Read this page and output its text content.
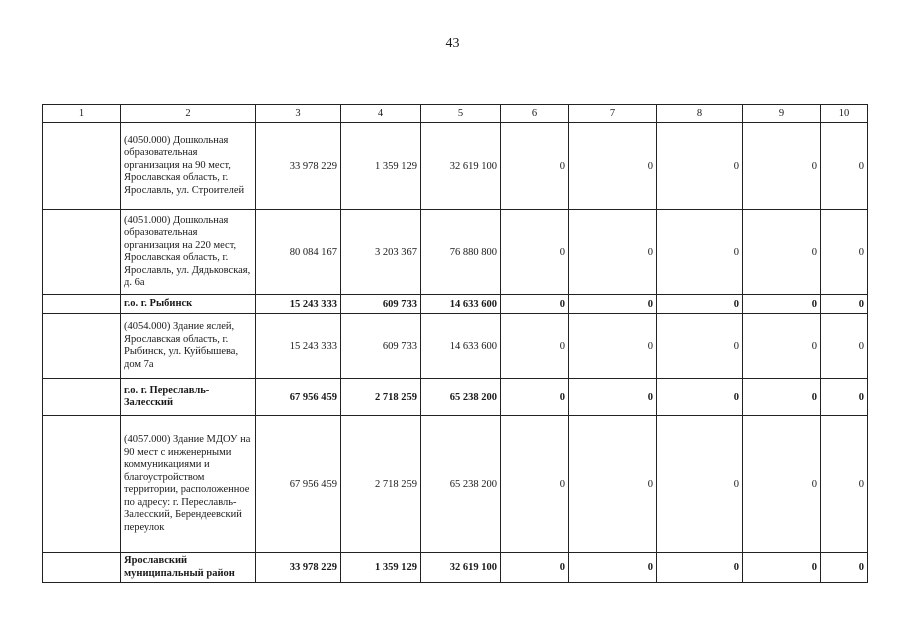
43
1	2	3	4	5	6	7	8	9	10
	(4050.000) Дошкольная образовательная организация на 90 мест, Ярославская область, г. Ярославль, ул. Строителей	33 978 229	1 359 129	32 619 100	0	0	0	0	0
	(4051.000) Дошкольная образовательная организация на 220 мест, Ярославская область, г. Ярославль, ул. Дядьковская, д. 6а	80 084 167	3 203 367	76 880 800	0	0	0	0	0
	г.о. г. Рыбинск	15 243 333	609 733	14 633 600	0	0	0	0	0
	(4054.000) Здание яслей, Ярославская область, г. Рыбинск, ул. Куйбышева, дом 7а	15 243 333	609 733	14 633 600	0	0	0	0	0
	г.о. г. Переславль-Залесский	67 956 459	2 718 259	65 238 200	0	0	0	0	0
	(4057.000) Здание МДОУ на 90 мест с инженерными коммуникациями и благоустройством территории, расположенное по адресу: г. Переславль-Залесский, Берендеевский переулок	67 956 459	2 718 259	65 238 200	0	0	0	0	0
	Ярославский муниципальный район	33 978 229	1 359 129	32 619 100	0	0	0	0	0
